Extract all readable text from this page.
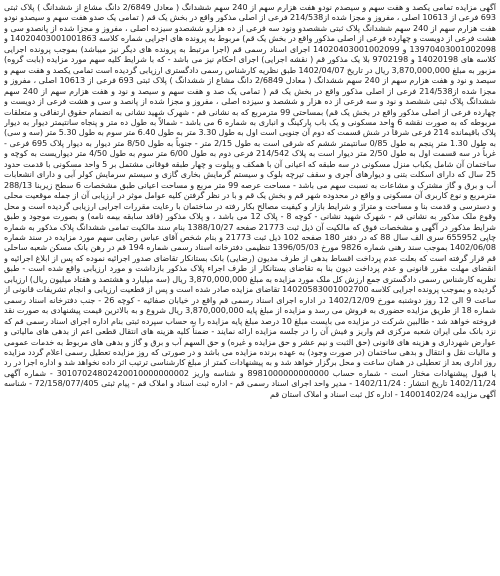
آگهی مزایده تمامی یکصد و هفت سهم و سیصدم نودو هفت هزارم سهم از 240 سهم ششدانگ ( معادل 2/6849 دانگ مشاع از ششدانگ ) پلاک ثبتی 693 فرعی از 10613 اصلی ، مفروز و مجزا شده از214/538 فرعی از اصلی مذکور واقع در بخش یک قم ( تمامی یک صدو هفت سهم و سیصدو نودو هفت هزارم سهم از 240 سهم ششدانگ پلاک ثبتی ششصدو ونود سه فرعی از ده هزارو ششصدو سیزده اصلی ، مفروز و مجزا شده از پانصدو سی و هشت فرعی از دویست و چهارده فرعی از اصلی مذکور واقع در بخش یک قم) مربوط به پرونده های اجرایی شماره کلاسه 14020403001001863 و 13970403001002098 و 14020403001002099 اجرای اسناد رسمی قم (اجرا مرتبط به پرونده های دیگر نیز میباشد) بموجب پرونده اجرایی کلاسه های 14020198 و 9702198 بلا یک مذکور قم ( نقشه اجرایی) اجرای احکام نیز می باشد - که با شرایط کلیه سهم مورد مزایده (بابت گروه) مزبور به مبلغ 3,870,000,000 ریال در تاریخ 1402/04/07 طبق نظریه کارشناس رسمی دادگستری ارزیابی گردیده است تمامی یکصد و هفت سهم و سیصد و نود و هفت هزارم سهم از 240 سهم ششدانگ ( معادل 2/6849 دانگ مشاع از ششدانگ ) پلاک ثبتی 693 فرعی از 10613 اصلی ، مفروز و مجزا شده از214/538 فرعی از اصلی مذکور واقع در بخش یک قم ( تمامی یک صد و هفت سهم و سیصد و نود و هفت هزارم سهم از 240 سهم ششدانگ پلاک ثبتی ششصد و نود و سه فرعی از ده هزار و ششصد و سیزده اصلی ، مفروز و مجزا شده از پانصد و سی و هشت فرعی از دویست و چهارده فرعی از اصلی مذکور واقع در بخش یک قم) بمساحتی 99 مترمربع که به نشانی قم - شهرک شهید نشانی به انضمام حقوق ارتفاقی و متعلقات مربوطه که به صورت نقشه 6 واحد مسکونی و یک باب پارکینگ و انباری به شماره 6 می باشد - شمالاً به طول ده متر و پنجاه سانتیمتر دیوار به دیوار پلاک باقیمانده 214 فرعی شرقاً در شش قسمت که دوم آن جنوبی است اول به طول 3.30 متر به طول 6.40 متر سوم به طول 5.30 متر (سه و سی) به طول 1.30 متر پنجم به طول 0/85 سانتیمتر ششم که شرقی است به طول 2/15 متر - جنوباً به طول 8/50 متر دیوار به دیوار پلاک 695 فرعی - غرباً در سه قسمت اول به طول 2/50 متر دیوار است به پلاک 214/542 فرعی دوم به طول 6/00 متر سوم به طول 4/50 متر دیواریست به کوچه و ساختمان آن شامل یکباب منزل مسکونی در سه طبقه که اعیانی آن با همکف و پیلوت و چهار طبقه فوقانی مشتمل بر 5 واحد مسکونی با قدمت حدود 25 سال که دارای اسکلت بتنی و دیوارهای آجری و سقف تیرچه بلوک و سیستم گرمایش بخاری گازی و سیستم سرمایش کولر آبی و دارای انشعابات آب و برق و گاز مشترک و مشاعات به نسبت سهم می باشد - مساحت عرصه 99 متر مربع و مساحت اعیانی طبق مشخصات 6 سطح زیربنا 288/13 مترمربع و نوع کاربری آن مسکونی و واقع در محدوده شهر قم و بخش یک قم و با در نظر گرفتن کلیه عوامل موثر در ارزیابی آن از جمله موقعیت محلی و دسترسی و قدمت بنا و مساحت و متراژ و شرایط بازار و کیفیت مصالح بکار رفته در ساختمان با رعایت مقررات اجرایی ارزیابی گردیده است و محل وقوع ملک مذکور به نشانی قم - شهرک شهید نشانی - کوچه 8 - پلاک 12 می باشد ، و پلاک مذکور (فاقد سابقه بیمه نامه) و بصورت موجود و طبق شرایط مذکور در آگهی و مشخصات فوق که مالکیت آن ذیل ثبت 21773 صفحه 1388/10/27 بنام سند مالکیت تمامی ششدانگ پلاک مذکور به شماره چاپی 655952 سری الف سال 88 که در دفتر 180 صفحه 102 ذیل ثبت 21773 و بنام شخص آقای عباس رضایی سهم مورد مزایده در سند شماره 1402/06/08 بموجب سند رهنی شماره 9826 مورخ 1396/05/03 تنظیمی دفترخانه اسناد رسمی شماره 194 قم در رهن بانک مسکن شعبه ساحلی قم قرار گرفته است که بعلت عدم پرداخت اقساط بدهی از طرف مدیون (رضایی) بانک بستانکار تقاضای صدور اجرائیه نموده که پس از ابلاغ اجرائیه و انقضای مهلت مقرر قانونی و عدم پرداخت دیون بنا به تقاضای بستانکار از طرف اجراء پلاک مذکور بازداشت و مورد ارزیابی واقع شده است - طبق نظریه کارشناس رسمی دادگستری جمع ارزش کل ملک مورد مزایده به مبلغ 3,870,000,000 ریال (سه میلیارد و هشتصد و هفتاد میلیون ریال) ارزیابی گردیده و بموجب پرونده اجرایی کلاسه 14020583001002700 تقاضای مزایده صادر شده است و پس از قطعیت ارزیابی و انجام تشریفات قانونی از ساعت 9 الی 12 روز دوشنبه مورخ 1402/12/09 در اداره اجرای اسناد رسمی قم واقع در خیابان صفائیه - کوچه 26 - جنب دفترخانه اسناد رسمی شماره 18 از طریق مزایده حضوری به فروش می رسد و مزایده از مبلغ پایه 3,870,000,000 ریال شروع و به بالاترین قیمت پیشنهادی به صورت نقد فروخته خواهد شد - طالبین شرکت در مزایده می بایست مبلغ 10 درصد مبلغ پایه مزایده را به حساب سپرده ثبتی بنام اداره اجرای اسناد رسمی قم که نزد بانک ملی ایران شعبه مرکزی قم واریز و فیش آن را در جلسه مزایده ارائه نمایند - ضمناً کلیه هزینه های انتقال قطعی اعم از بدهی های مالیاتی و عوارض شهرداری و هزینه های قانونی (حق الثبت و نیم عشر و حق مزایده و غیره) و حق السهم آب و برق و گاز و بدهی های مربوط به خدمات عمومی و مالیات نقل و انتقال و بدهی ساختمان (در صورت وجود) به عهده برنده مزایده می باشد و در صورتی که روز مزایده تعطیل رسمی اعلام گردد مزایده روز اداری بعد از تعطیلی در همان ساعت و محل برگزار خواهد شد و به پیشنهادات کمتر از مبلغ کارشناسی ترتیب اثر داده نخواهد شد و اداره اجرا در رد یا قبول پیشنهادات مختار است - شماره حساب 8981000000000000 و شناسه واریز 30107024802420010000000002 - شماره آگهی 1402/11/24 تاریخ انتشار : 1402/11/24 - مدیر واحد اجرای اسناد رسمی قم - اداره ثبت اسناد و املاک قم - پیام ثبتی 72/158/077/405 - شناسه آگهی مزایده 14001402/24 - اداره کل ثبت اسناد و املاک استان قم
